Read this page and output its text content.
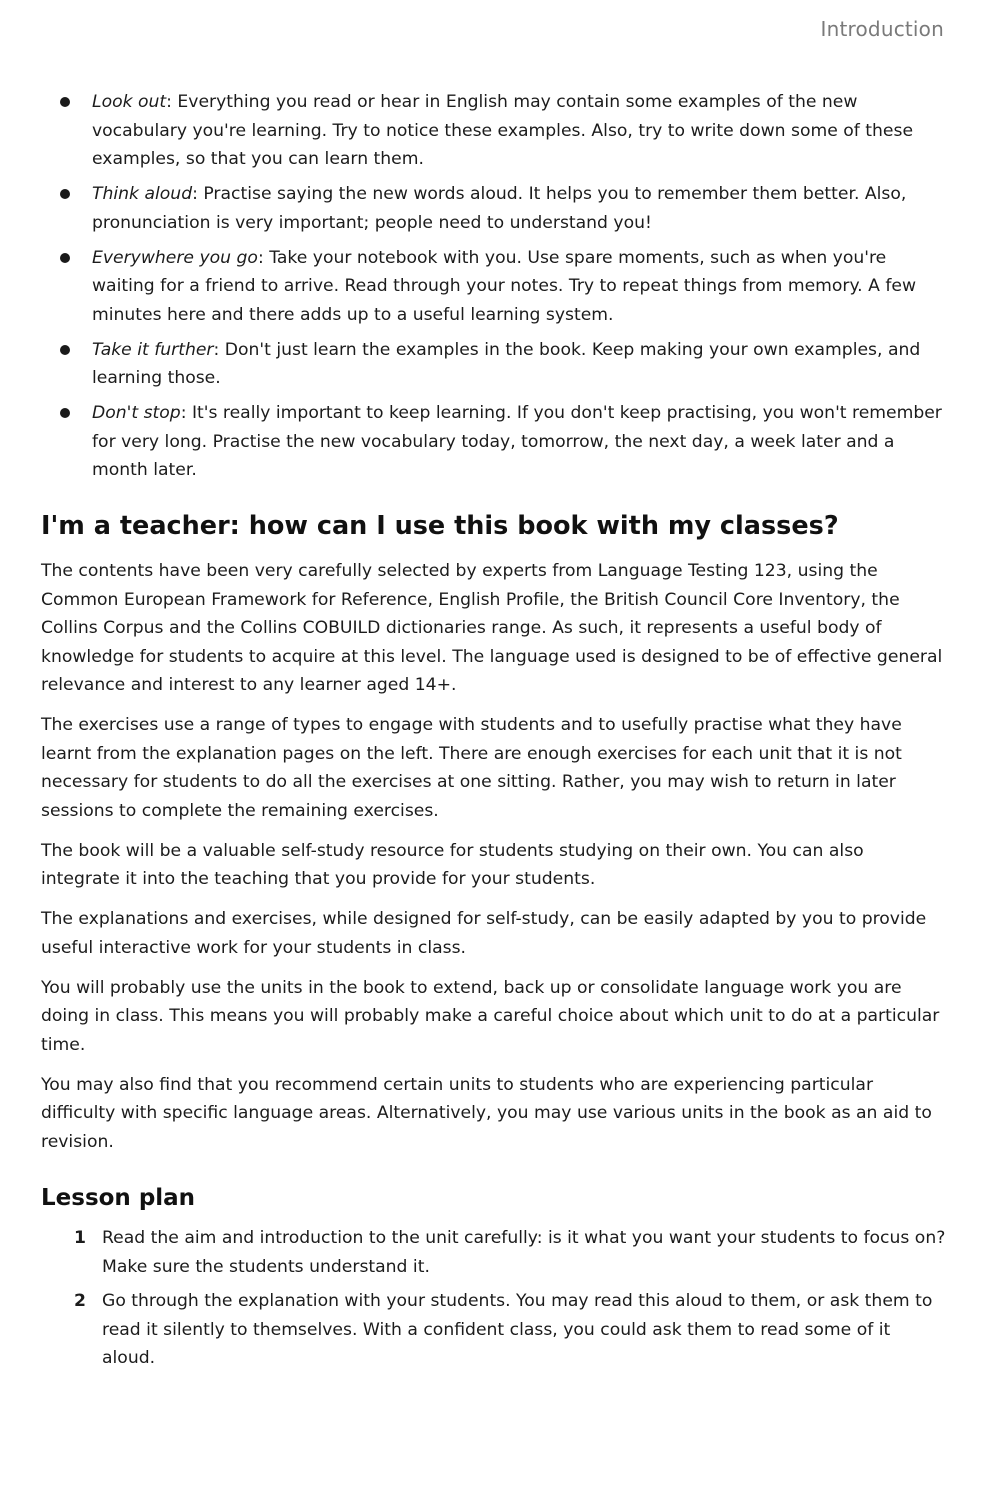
Introduction
Look out: Everything you read or hear in English may contain some examples of the new vocabulary you're learning. Try to notice these examples. Also, try to write down some of these examples, so that you can learn them.
Think aloud: Practise saying the new words aloud. It helps you to remember them better. Also, pronunciation is very important; people need to understand you!
Everywhere you go: Take your notebook with you. Use spare moments, such as when you're waiting for a friend to arrive. Read through your notes. Try to repeat things from memory. A few minutes here and there adds up to a useful learning system.
Take it further: Don't just learn the examples in the book. Keep making your own examples, and learning those.
Don't stop: It's really important to keep learning. If you don't keep practising, you won't remember for very long. Practise the new vocabulary today, tomorrow, the next day, a week later and a month later.
I'm a teacher: how can I use this book with my classes?

The contents have been very carefully selected by experts from Language Testing 123, using the Common European Framework for Reference, English Profile, the British Council Core Inventory, the Collins Corpus and the Collins COBUILD dictionaries range. As such, it represents a useful body of knowledge for students to acquire at this level. The language used is designed to be of effective general relevance and interest to any learner aged 14+.

The exercises use a range of types to engage with students and to usefully practise what they have learnt from the explanation pages on the left. There are enough exercises for each unit that it is not necessary for students to do all the exercises at one sitting. Rather, you may wish to return in later sessions to complete the remaining exercises.

The book will be a valuable self-study resource for students studying on their own. You can also integrate it into the teaching that you provide for your students.

The explanations and exercises, while designed for self-study, can be easily adapted by you to provide useful interactive work for your students in class.

You will probably use the units in the book to extend, back up or consolidate language work you are doing in class. This means you will probably make a careful choice about which unit to do at a particular time.

You may also find that you recommend certain units to students who are experiencing particular difficulty with specific language areas. Alternatively, you may use various units in the book as an aid to revision.

Lesson plan
1 Read the aim and introduction to the unit carefully: is it what you want your students to focus on? Make sure the students understand it.
2 Go through the explanation with your students. You may read this aloud to them, or ask them to read it silently to themselves. With a confident class, you could ask them to read some of it aloud.
